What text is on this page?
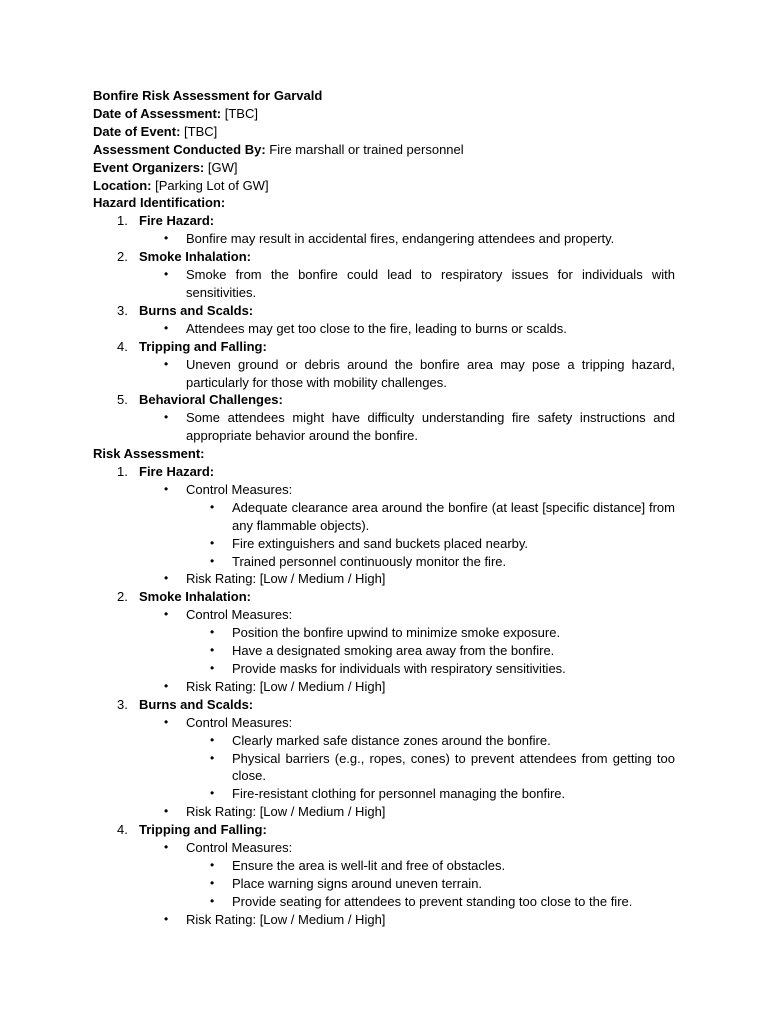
Bonfire Risk Assessment for Garvald

Date of Assessment: [TBC]

Date of Event: [TBC]

Assessment Conducted By: Fire marshall or trained personnel

Event Organizers: [GW]

Location: [Parking Lot of GW]

Hazard Identification:

1. Fire Hazard:

• Bonfire may result in accidental fires, endangering attendees and property.

2. Smoke Inhalation:

• Smoke from the bonfire could lead to respiratory issues for individuals with sensitivities.

3. Burns and Scalds:

• Attendees may get too close to the fire, leading to burns or scalds.

4. Tripping and Falling:

• Uneven ground or debris around the bonfire area may pose a tripping hazard, particularly for those with mobility challenges.

5. Behavioral Challenges:

• Some attendees might have difficulty understanding fire safety instructions and appropriate behavior around the bonfire.

Risk Assessment:

1. Fire Hazard:

• Control Measures:

• Adequate clearance area around the bonfire (at least [specific distance] from any flammable objects).

• Fire extinguishers and sand buckets placed nearby.

• Trained personnel continuously monitor the fire.

• Risk Rating: [Low / Medium / High]

2. Smoke Inhalation:

• Control Measures:

• Position the bonfire upwind to minimize smoke exposure.

• Have a designated smoking area away from the bonfire.

• Provide masks for individuals with respiratory sensitivities.

• Risk Rating: [Low / Medium / High]

3. Burns and Scalds:

• Control Measures:

• Clearly marked safe distance zones around the bonfire.

• Physical barriers (e.g., ropes, cones) to prevent attendees from getting too close.

• Fire-resistant clothing for personnel managing the bonfire.

• Risk Rating: [Low / Medium / High]

4. Tripping and Falling:

• Control Measures:

• Ensure the area is well-lit and free of obstacles.

• Place warning signs around uneven terrain.

• Provide seating for attendees to prevent standing too close to the fire.

• Risk Rating: [Low / Medium / High]
